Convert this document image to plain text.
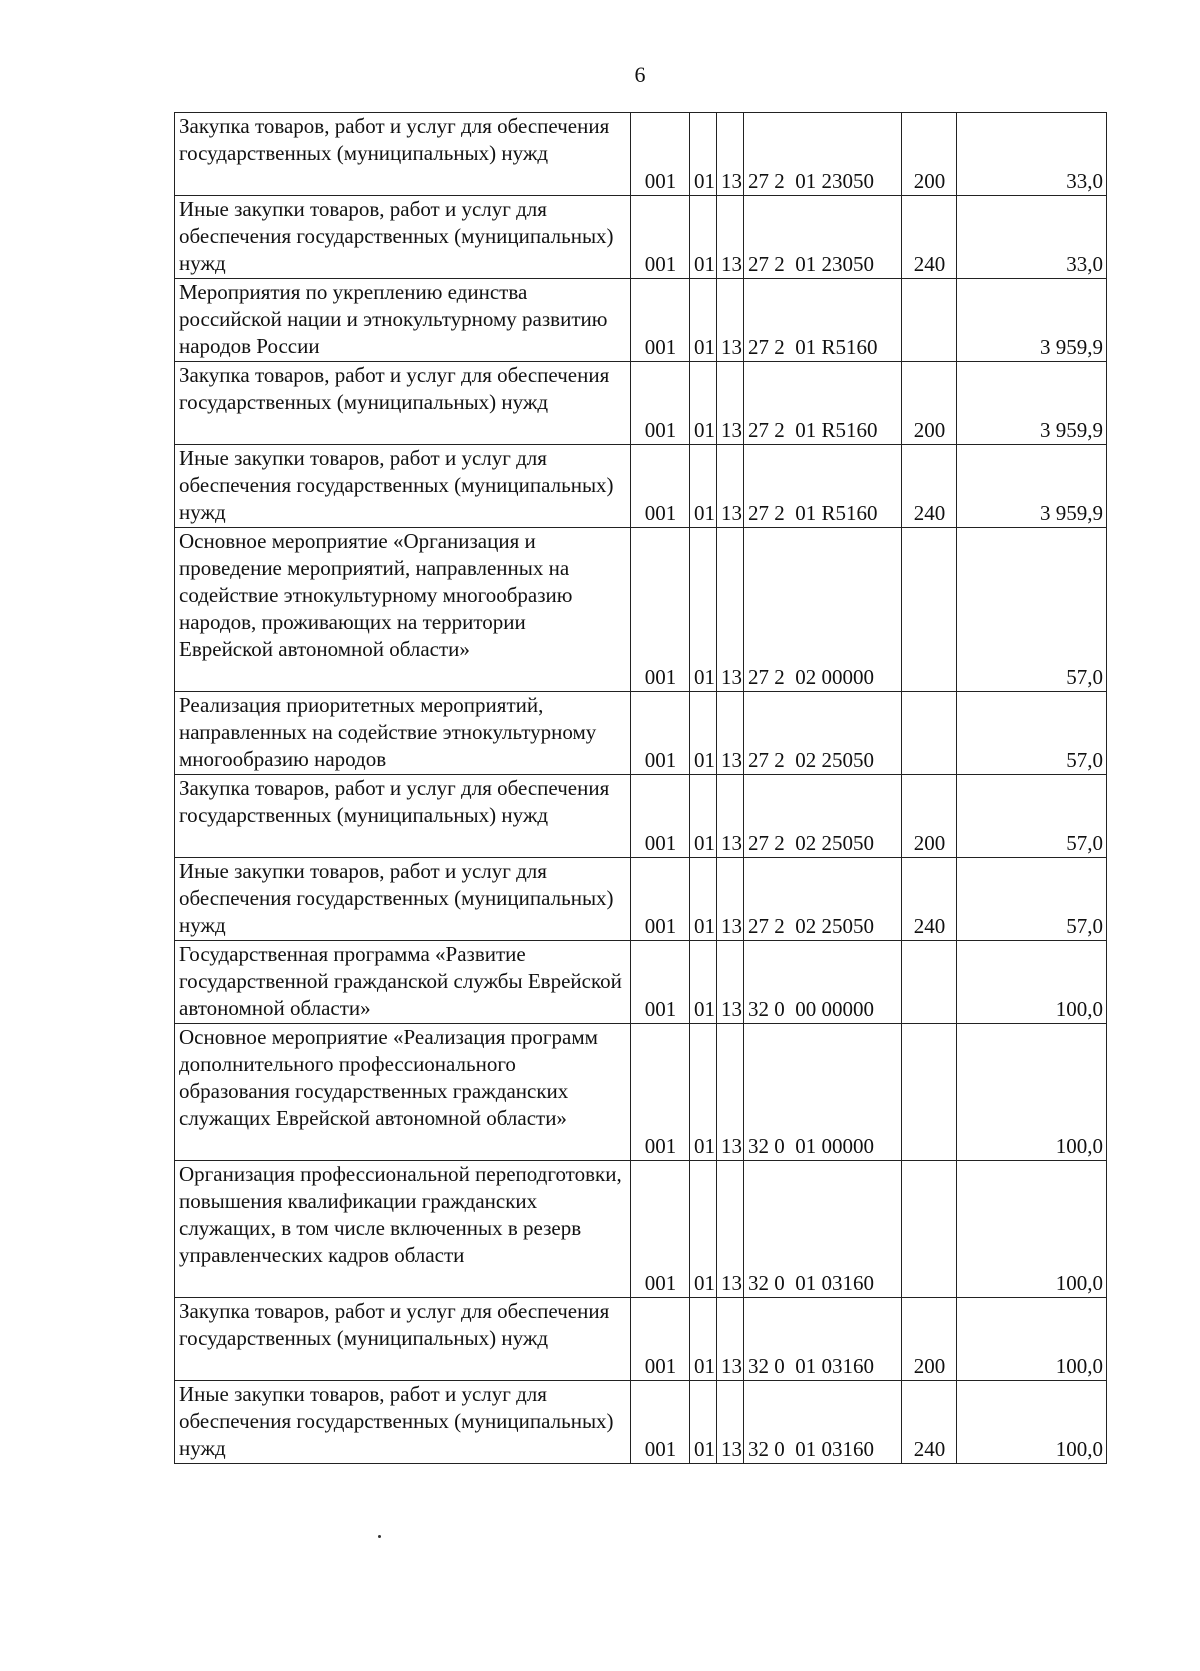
6
Закупка товаров, работ и услуг для обеспечения государственных (муниципальных) нужд	001	01	13	27 2  01 23050	200	33,0
Иные закупки товаров, работ и услуг для обеспечения государственных (муниципальных) нужд	001	01	13	27 2  01 23050	240	33,0
Мероприятия по укреплению единства российской нации и этнокультурному развитию народов России	001	01	13	27 2  01 R5160		3 959,9
Закупка товаров, работ и услуг для обеспечения государственных (муниципальных) нужд	001	01	13	27 2  01 R5160	200	3 959,9
Иные закупки товаров, работ и услуг для обеспечения государственных (муниципальных) нужд	001	01	13	27 2  01 R5160	240	3 959,9
Основное мероприятие «Организация и проведение мероприятий, направленных на содействие этнокультурному многообразию народов, проживающих на территории Еврейской автономной области»	001	01	13	27 2  02 00000		57,0
Реализация приоритетных мероприятий, направленных на содействие этнокультурному многообразию народов	001	01	13	27 2  02 25050		57,0
Закупка товаров, работ и услуг для обеспечения государственных (муниципальных) нужд	001	01	13	27 2  02 25050	200	57,0
Иные закупки товаров, работ и услуг для обеспечения государственных (муниципальных) нужд	001	01	13	27 2  02 25050	240	57,0
Государственная программа «Развитие государственной гражданской службы Еврейской автономной области»	001	01	13	32 0  00 00000		100,0
Основное мероприятие «Реализация программ дополнительного профессионального образования государственных гражданских служащих Еврейской автономной области»	001	01	13	32 0  01 00000		100,0
Организация профессиональной переподготовки, повышения квалификации гражданских служащих, в том числе включенных в резерв управленческих кадров области	001	01	13	32 0  01 03160		100,0
Закупка товаров, работ и услуг для обеспечения государственных (муниципальных) нужд	001	01	13	32 0  01 03160	200	100,0
Иные закупки товаров, работ и услуг для обеспечения государственных (муниципальных) нужд	001	01	13	32 0  01 03160	240	100,0
